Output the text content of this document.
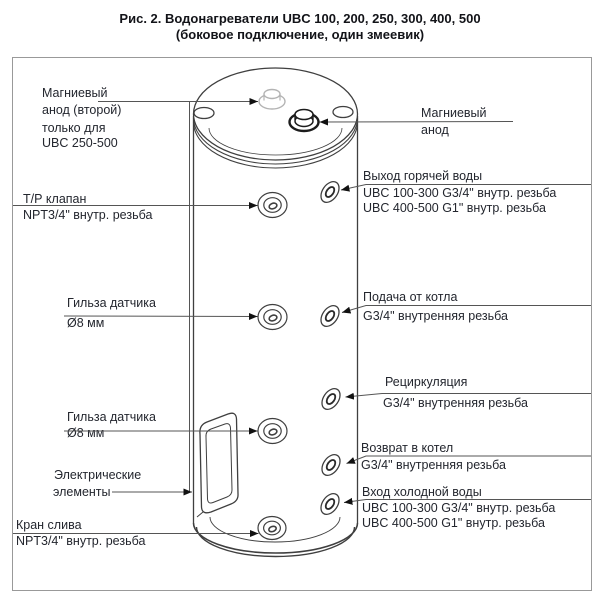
Рис. 2. Водонагреватели UBC 100, 200, 250, 300, 400, 500
(боковое подключение, один змеевик)
Магниевый
анод (второй)
только для
UBC 250-500
Т/Р клапан
NPT3/4" внутр. резьба
Гильза датчика
Ø8 мм
Гильза датчика
Ø8 мм
Электрические
элементы
Кран слива
NPT3/4" внутр. резьба
Магниевый
анод
Выход горячей воды
UBC 100-300 G3/4" внутр. резьба
UBC 400-500 G1" внутр. резьба
Подача от котла
G3/4" внутренняя резьба
Рециркуляция
G3/4" внутренняя резьба
Возврат в котел
G3/4" внутренняя резьба
Вход холодной воды
UBC 100-300 G3/4" внутр. резьба
UBC 400-500 G1" внутр. резьба
